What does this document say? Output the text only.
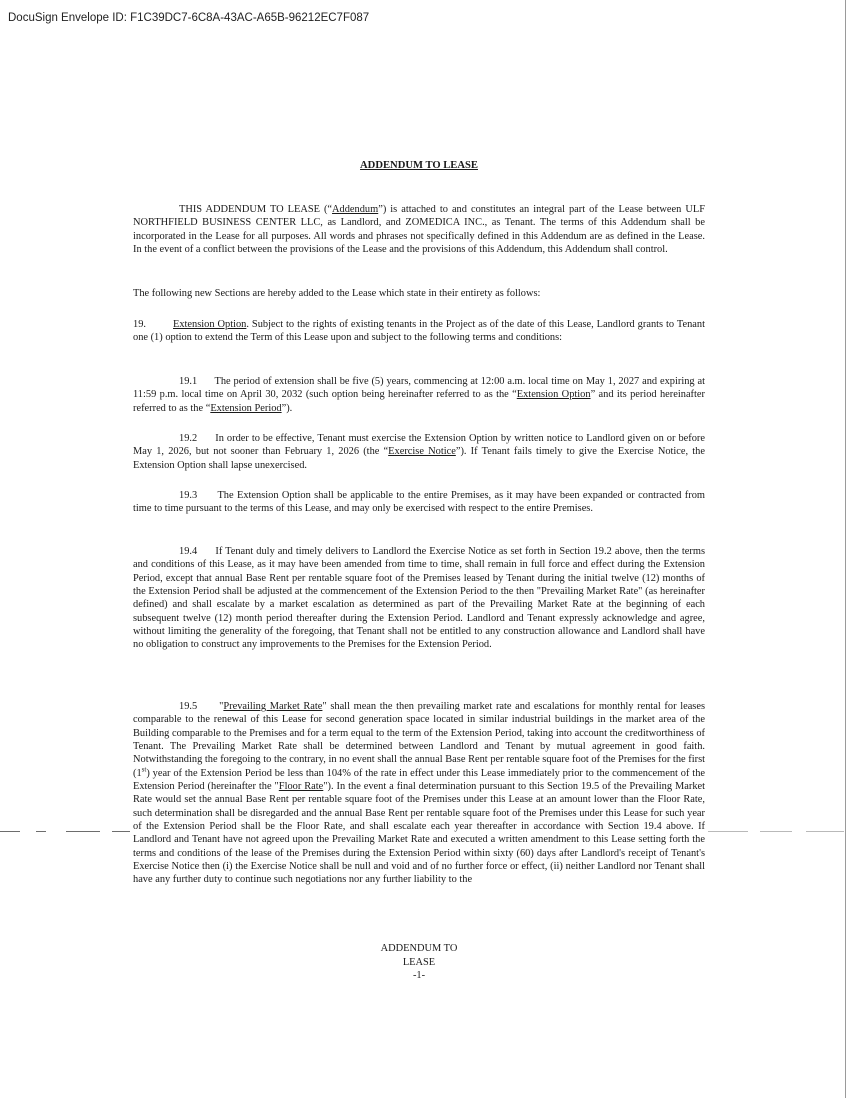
DocuSign Envelope ID: F1C39DC7-6C8A-43AC-A65B-96212EC7F087
ADDENDUM TO LEASE

THIS ADDENDUM TO LEASE (“Addendum”) is attached to and constitutes an integral part of the Lease between ULF NORTHFIELD BUSINESS CENTER LLC, as Landlord, and ZOMEDICA INC., as Tenant. The terms of this Addendum shall be incorporated in the Lease for all purposes. All words and phrases not specifically defined in this Addendum are as defined in the Lease. In the event of a conflict between the provisions of the Lease and the provisions of this Addendum, this Addendum shall control.

The following new Sections are hereby added to the Lease which state in their entirety as follows:

19.	Extension Option. Subject to the rights of existing tenants in the Project as of the date of this Lease, Landlord grants to Tenant one (1) option to extend the Term of this Lease upon and subject to the following terms and conditions:

19.1      The period of extension shall be five (5) years, commencing at 12:00 a.m. local time on May 1, 2027 and expiring at 11:59 p.m. local time on April 30, 2032 (such option being hereinafter referred to as the “Extension Option” and its period hereinafter referred to as the “Extension Period”).

19.2      In order to be effective, Tenant must exercise the Extension Option by written notice to Landlord given on or before May 1, 2026, but not sooner than February 1, 2026 (the “Exercise Notice”). If Tenant fails timely to give the Exercise Notice, the Extension Option shall lapse unexercised.

19.3      The Extension Option shall be applicable to the entire Premises, as it may have been expanded or contracted from time to time pursuant to the terms of this Lease, and may only be exercised with respect to the entire Premises.

19.4      If Tenant duly and timely delivers to Landlord the Exercise Notice as set forth in Section 19.2 above, then the terms and conditions of this Lease, as it may have been amended from time to time, shall remain in full force and effect during the Extension Period, except that annual Base Rent per rentable square foot of the Premises leased by Tenant during the initial twelve (12) months of the Extension Period shall be adjusted at the commencement of the Extension Period to the then "Prevailing Market Rate" (as hereinafter defined) and shall escalate by a market escalation as determined as part of the Prevailing Market Rate at the beginning of each subsequent twelve (12) month period thereafter during the Extension Period. Landlord and Tenant expressly acknowledge and agree, without limiting the generality of the foregoing, that Tenant shall not be entitled to any construction allowance and Landlord shall have no obligation to construct any improvements to the Premises for the Extension Period.

19.5      "Prevailing Market Rate" shall mean the then prevailing market rate and escalations for monthly rental for leases comparable to the renewal of this Lease for second generation space located in similar industrial buildings in the market area of the Building comparable to the Premises and for a term equal to the term of the Extension Period, taking into account the creditworthiness of Tenant. The Prevailing Market Rate shall be determined between Landlord and Tenant by mutual agreement in good faith. Notwithstanding the foregoing to the contrary, in no event shall the annual Base Rent per rentable square foot of the Premises for the first (1st) year of the Extension Period be less than 104% of the rate in effect under this Lease immediately prior to the commencement of the Extension Period (hereinafter the "Floor Rate"). In the event a final determination pursuant to this Section 19.5 of the Prevailing Market Rate would set the annual Base Rent per rentable square foot of the Premises under this Lease at an amount lower than the Floor Rate, such determination shall be disregarded and the annual Base Rent per rentable square foot of the Premises under this Lease for such year of the Extension Period shall be the Floor Rate, and shall escalate each year thereafter in accordance with Section 19.4 above. If Landlord and Tenant have not agreed upon the Prevailing Market Rate and executed a written amendment to this Lease setting forth the terms and conditions of the lease of the Premises during the Extension Period within sixty (60) days after Landlord's receipt of Tenant's Exercise Notice then (i) the Exercise Notice shall be null and void and of no further force or effect, (ii) neither Landlord nor Tenant shall have any further duty to continue such negotiations nor any further liability to the

ADDENDUM TO
LEASE
-1-
